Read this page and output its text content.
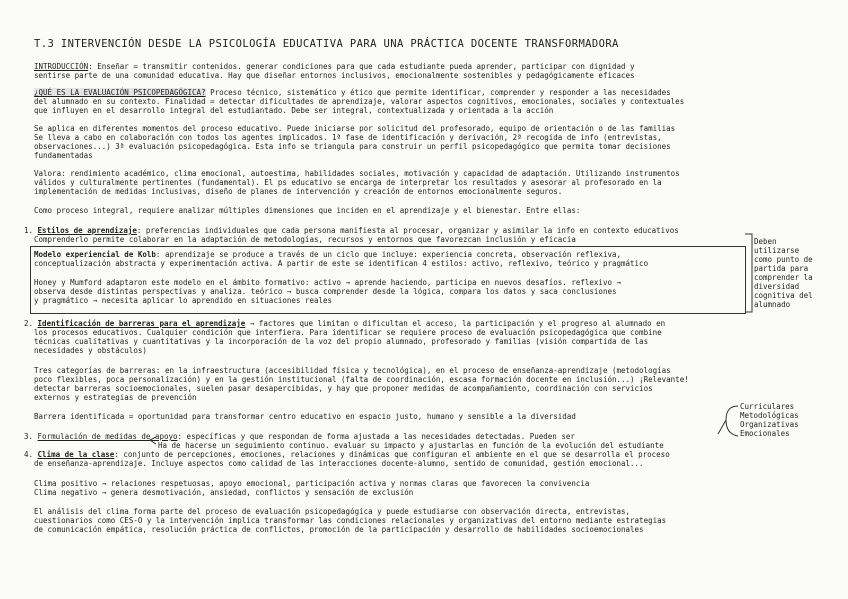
T.3 INTERVENCIÓN DESDE LA PSICOLOGÍA EDUCATIVA PARA UNA PRÁCTICA DOCENTE TRANSFORMADORA
INTRODUCCIÓN: Enseñar = transmitir contenidos. generar condiciones para que cada estudiante pueda aprender, participar con dignidad y
sentirse parte de una comunidad educativa. Hay que diseñar entornos inclusivos, emocionalmente sostenibles y pedagógicamente eficaces
¿QUÉ ES LA EVALUACIÓN PSICOPEDAGÓGICA? Proceso técnico, sistemático y ético que permite identificar, comprender y responder a las necesidades
del alumnado en su contexto. Finalidad = detectar dificultades de aprendizaje, valorar aspectos cognitivos, emocionales, sociales y contextuales
que influyen en el desarrollo integral del estudiantado. Debe ser integral, contextualizada y orientada a la acción
Se aplica en diferentes momentos del proceso educativo. Puede iniciarse por solicitud del profesorado, equipo de orientación o de las familias
Se lleva a cabo en colaboración con todos los agentes implicados. 1ª fase de identificación y derivación, 2ª recogida de info (entrevistas,
observaciones...) 3ª evaluación psicopedagógica. Esta info se triangula para construir un perfil psicopedagógico que permita tomar decisiones
fundamentadas
Valora: rendimiento académico, clima emocional, autoestima, habilidades sociales, motivación y capacidad de adaptación. Utilizando instrumentos
válidos y culturalmente pertinentes (fundamental). El ps educativo se encarga de interpretar los resultados y asesorar al profesorado en la
implementación de medidas inclusivas, diseño de planes de intervención y creación de entornos emocionalmente seguros.
Como proceso integral, requiere analizar múltiples dimensiones que inciden en el aprendizaje y el bienestar. Entre ellas:
1. Estilos de aprendizaje: preferencias individuales que cada persona manifiesta al procesar, organizar y asimilar la info en contexto educativos
Comprenderlo permite colaborar en la adaptación de metodologías, recursos y entornos que favorezcan inclusión y eficacia
Modelo experiencial de Kolb: aprendizaje se produce a través de un ciclo que incluye: experiencia concreta, observación reflexiva,
conceptualización abstracta y experimentación activa. A partir de este se identifican 4 estilos: activo, reflexivo, teórico y pragmático
Honey y Mumford adaptaron este modelo en el ámbito formativo: activo → aprende haciendo, participa en nuevos desafíos. reflexivo →
observa desde distintas perspectivas y analiza. teórico → busca comprender desde la lógica, compara los datos y saca conclusiones
y pragmático → necesita aplicar lo aprendido en situaciones reales
Deben
utilizarse
como punto de
partida para
comprender la
diversidad
cognitiva del
alumnado
2. Identificación de barreras para el aprendizaje → factores que limitan o dificultan el acceso, la participación y el progreso al alumnado en
los procesos educativos. Cualquier condición que interfiera. Para identificar se requiere proceso de evaluación psicopedagógica que combine
técnicas cualitativas y cuantitativas y la incorporación de la voz del propio alumnado, profesorado y familias (visión compartida de las
necesidades y obstáculos)
Tres categorías de barreras: en la infraestructura (accesibilidad física y tecnológica), en el proceso de enseñanza-aprendizaje (metodologías
poco flexibles, poca personalización) y en la gestión institucional (falta de coordinación, escasa formación docente en inclusión...) ¡Relevante!
detectar barreras socioemocionales, suelen pasar desapercibidas, y hay que proponer medidas de acompañamiento, coordinación con servicios
externos y estrategias de prevención
Barrera identificada = oportunidad para transformar centro educativo en espacio justo, humano y sensible a la diversidad
Curriculares
Metodológicas
Organizativas
Emocionales
3. Formulación de medidas de apoyo: específicas y que respondan de forma ajustada a las necesidades detectadas. Pueden ser
Ha de hacerse un seguimiento continuo. evaluar su impacto y ajustarlas en función de la evolución del estudiante
4. Clima de la clase: conjunto de percepciones, emociones, relaciones y dinámicas que configuran el ambiente en el que se desarrolla el proceso
de enseñanza-aprendizaje. Incluye aspectos como calidad de las interacciones docente-alumno, sentido de comunidad, gestión emocional...
Clima positivo → relaciones respetuosas, apoyo emocional, participación activa y normas claras que favorecen la convivencia
Clima negativo → genera desmotivación, ansiedad, conflictos y sensación de exclusión
El análisis del clima forma parte del proceso de evaluación psicopedagógica y puede estudiarse con observación directa, entrevistas,
cuestionarios como CES-O y la intervención implica transformar las condiciones relacionales y organizativas del entorno mediante estrategias
de comunicación empática, resolución práctica de conflictos, promoción de la participación y desarrollo de habilidades socioemocionales
